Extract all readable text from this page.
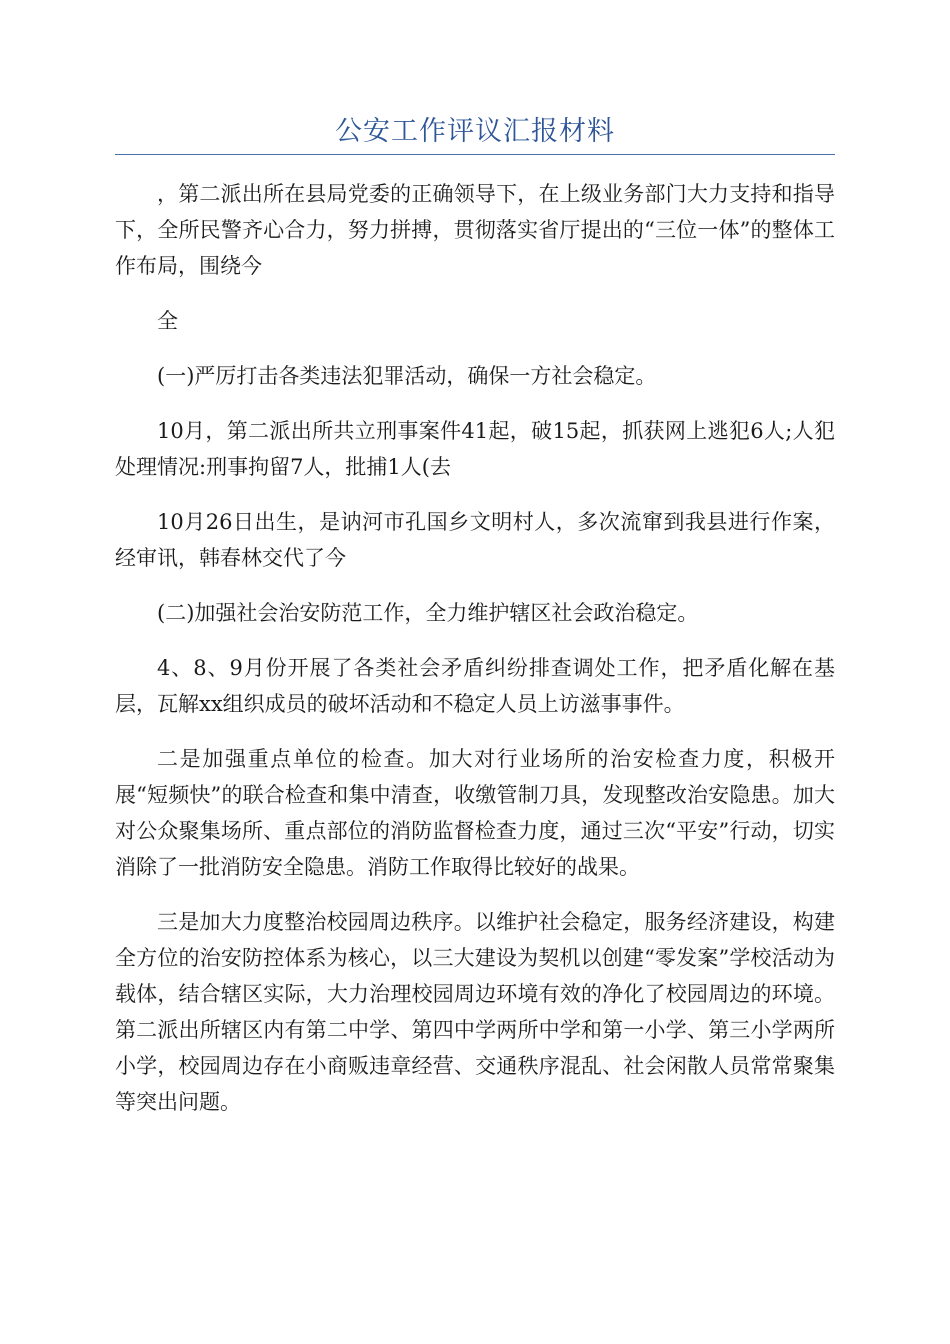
公安工作评议汇报材料

，第二派出所在县局党委的正确领导下，在上级业务部门大力支持和指导下，全所民警齐心合力，努力拼搏，贯彻落实省厅提出的“三位一体”的整体工作布局，围绕今

全

(一)严厉打击各类违法犯罪活动，确保一方社会稳定。

10月，第二派出所共立刑事案件41起，破15起，抓获网上逃犯6人;人犯处理情况:刑事拘留7人，批捕1人(去

10月26日出生，是讷河市孔国乡文明村人，多次流窜到我县进行作案，经审讯，韩春林交代了今

(二)加强社会治安防范工作，全力维护辖区社会政治稳定。

4、8、9月份开展了各类社会矛盾纠纷排查调处工作，把矛盾化解在基层，瓦解xx组织成员的破坏活动和不稳定人员上访滋事事件。

二是加强重点单位的检查。加大对行业场所的治安检查力度，积极开展“短频快”的联合检查和集中清查，收缴管制刀具，发现整改治安隐患。加大对公众聚集场所、重点部位的消防监督检查力度，通过三次“平安”行动，切实消除了一批消防安全隐患。消防工作取得比较好的战果。

三是加大力度整治校园周边秩序。以维护社会稳定，服务经济建设，构建全方位的治安防控体系为核心，以三大建设为契机以创建“零发案”学校活动为载体，结合辖区实际，大力治理校园周边环境有效的净化了校园周边的环境。第二派出所辖区内有第二中学、第四中学两所中学和第一小学、第三小学两所小学，校园周边存在小商贩违章经营、交通秩序混乱、社会闲散人员常常聚集等突出问题。
